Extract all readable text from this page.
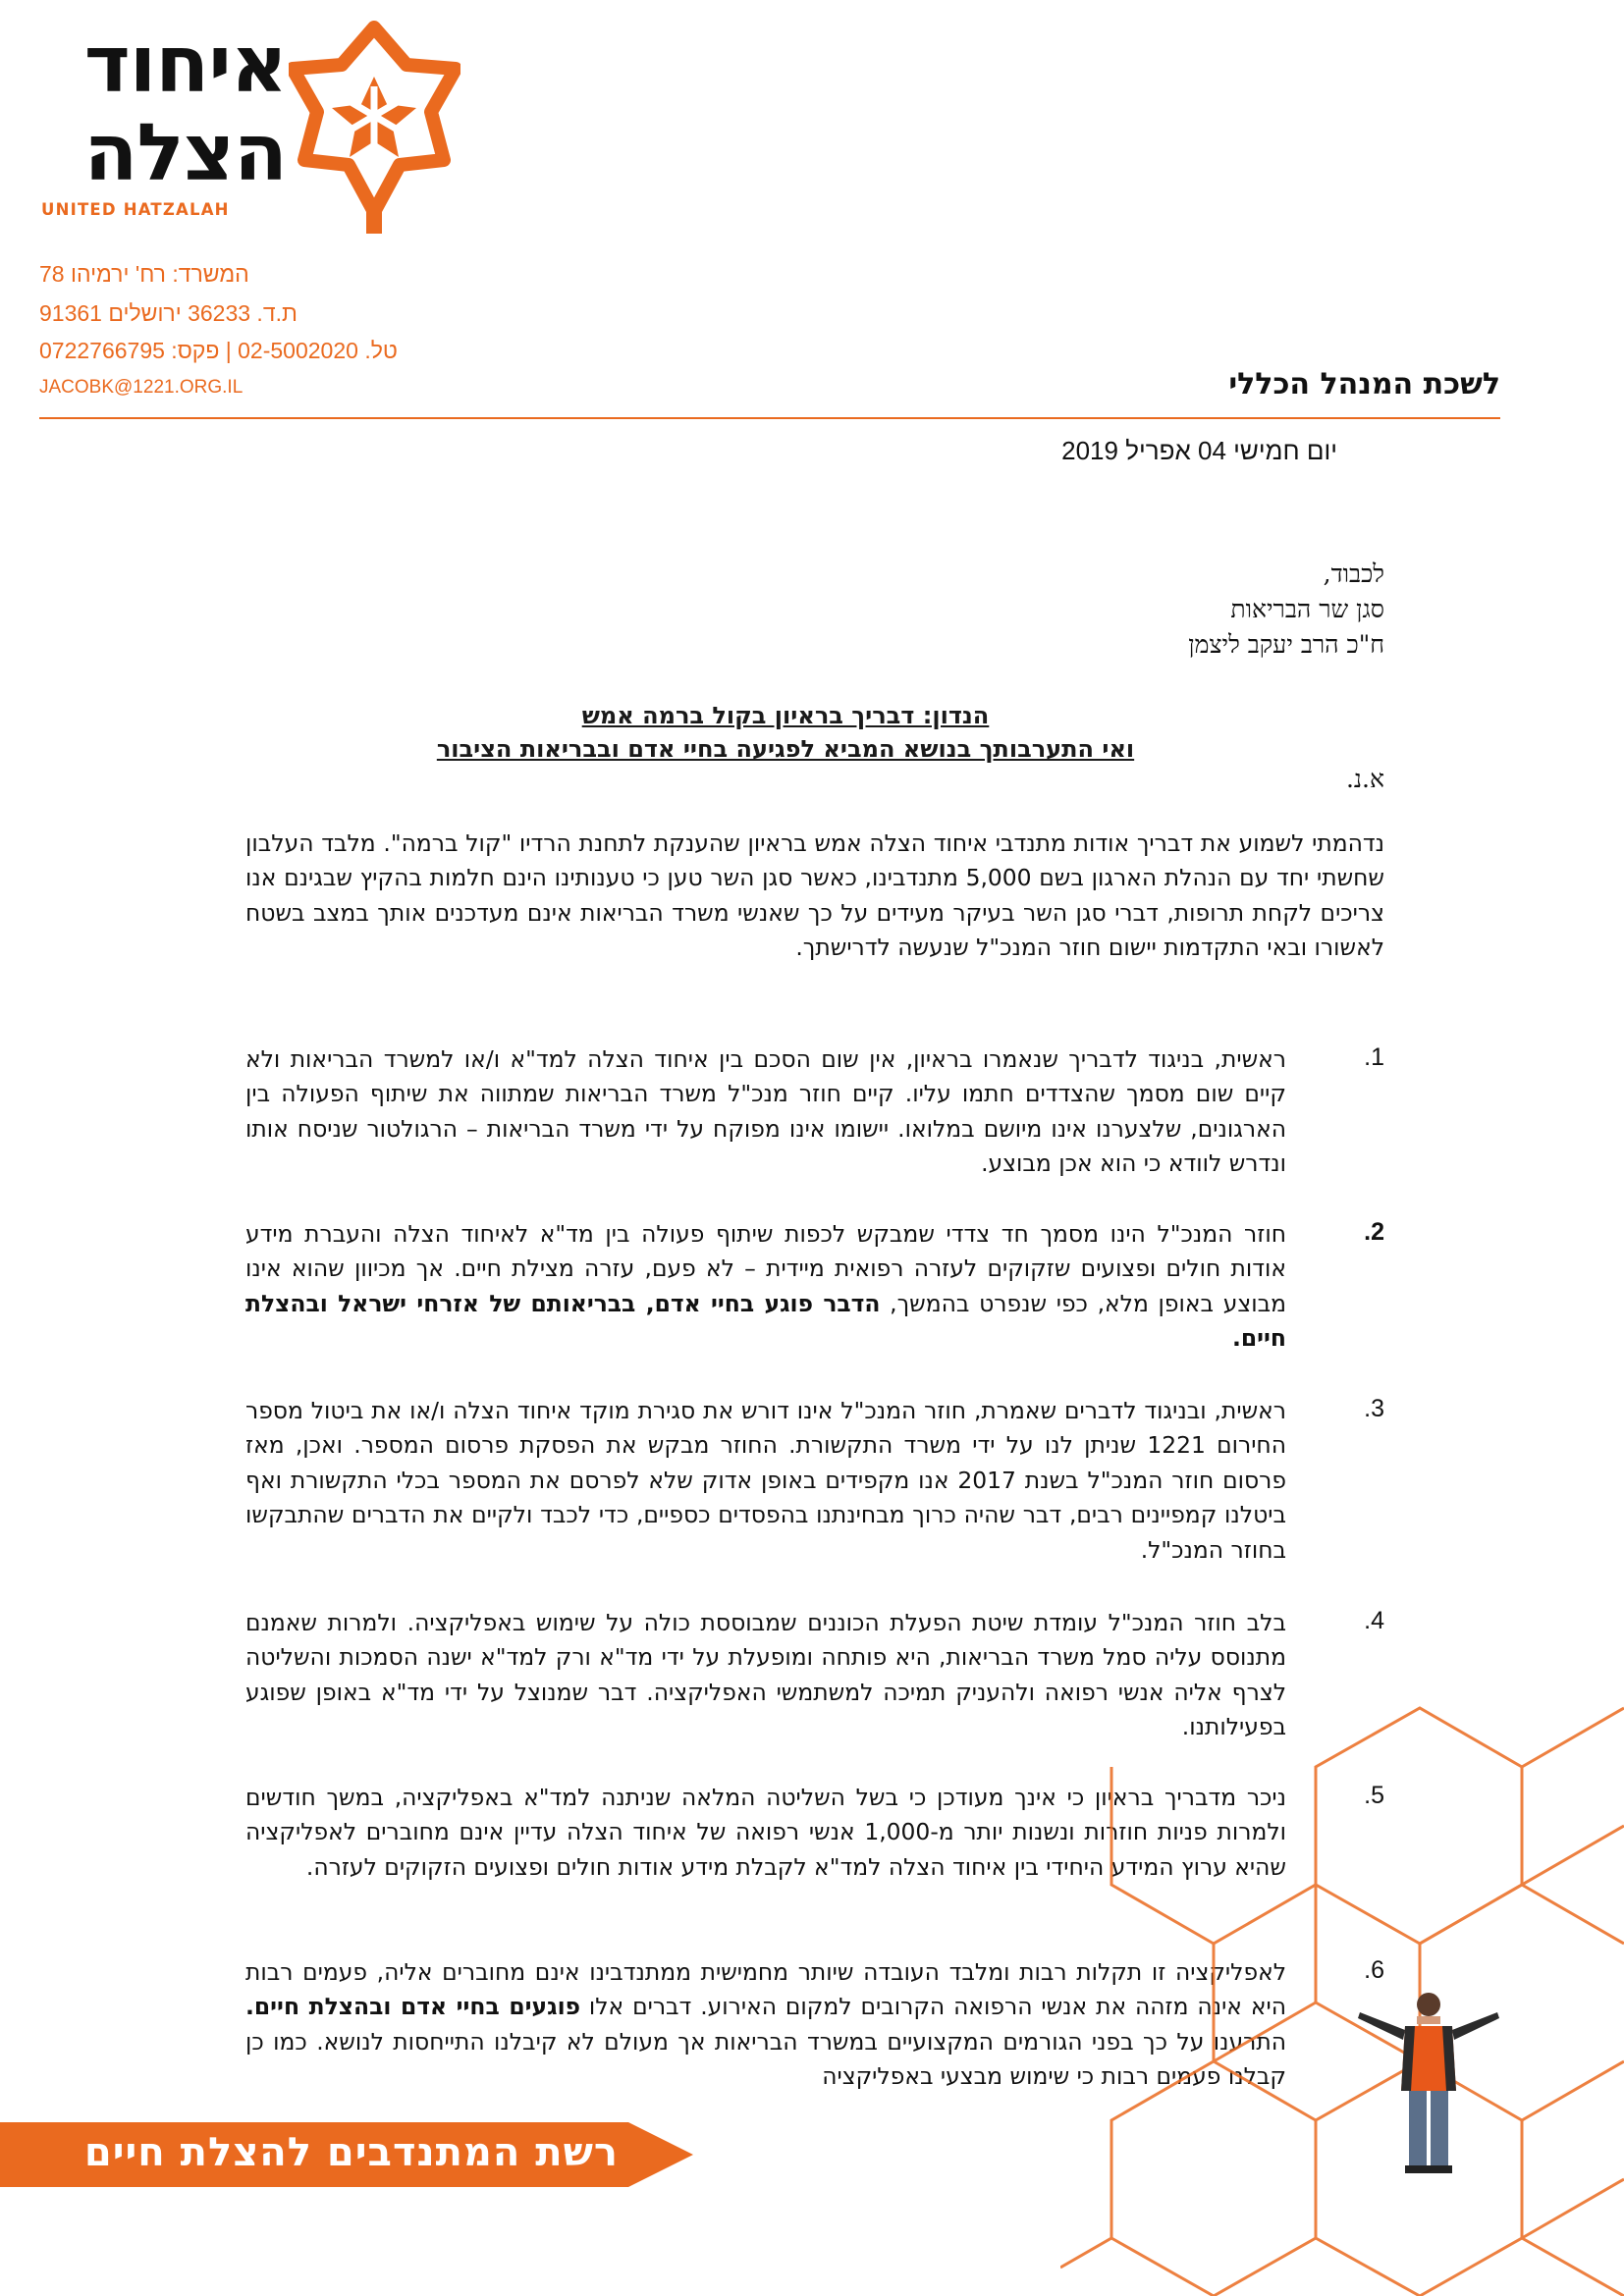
איחוד
הצלה
UNITED HATZALAH
המשרד: רח' ירמיהו 78
ת.ד. 36233 ירושלים 91361
טל. 02-5002020 | פקס: 0722766795
JACOBK@1221.ORG.IL	לשכת המנהל הכללי
יום חמישי 04 אפריל 2019
לכבוד,
סגן שר הבריאות
ח"כ הרב יעקב ליצמן
הנדון: דבריך בראיון בקול ברמה אמש
ואי התערבותך בנושא המביא לפגיעה בחיי אדם ובבריאות הציבור
א.נ.
נדהמתי לשמוע את דבריך אודות מתנדבי איחוד הצלה אמש בראיון שהענקת לתחנת הרדיו "קול ברמה". מלבד העלבון שחשתי יחד עם הנהלת הארגון בשם 5,000 מתנדבינו, כאשר סגן השר טען כי טענותינו הינם חלמות בהקיץ שבגינם אנו צריכים לקחת תרופות, דברי סגן השר בעיקר מעידים על כך שאנשי משרד הבריאות אינם מעדכנים אותך במצב בשטח לאשורו ובאי התקדמות יישום חוזר המנכ"ל שנעשה לדרישתך.
1.
ראשית, בניגוד לדבריך שנאמרו בראיון, אין שום הסכם בין איחוד הצלה למד"א ו/או למשרד הבריאות ולא קיים שום מסמך שהצדדים חתמו עליו. קיים חוזר מנכ"ל משרד הבריאות שמתווה את שיתוף הפעולה בין הארגונים, שלצערנו אינו מיושם במלואו. יישומו אינו מפוקח על ידי משרד הבריאות – הרגולטור שניסח אותו ונדרש לוודא כי הוא אכן מבוצע.
2.
חוזר המנכ"ל הינו מסמך חד צדדי שמבקש לכפות שיתוף פעולה בין מד"א לאיחוד הצלה והעברת מידע אודות חולים ופצועים שזקוקים לעזרה רפואית מיידית – לא פעם, עזרה מצילת חיים. אך מכיוון שהוא אינו מבוצע באופן מלא, כפי שנפרט בהמשך, הדבר פוגע בחיי אדם, בבריאותם של אזרחי ישראל ובהצלת חיים.
3.
ראשית, ובניגוד לדברים שאמרת, חוזר המנכ"ל אינו דורש את סגירת מוקד איחוד הצלה ו/או את ביטול מספר החירום 1221 שניתן לנו על ידי משרד התקשורת. החוזר מבקש את הפסקת פרסום המספר. ואכן, מאז פרסום חוזר המנכ"ל בשנת 2017 אנו מקפידים באופן אדוק שלא לפרסם את המספר בכלי התקשורת ואף ביטלנו קמפיינים רבים, דבר שהיה כרוך מבחינתנו בהפסדים כספיים, כדי לכבד ולקיים את הדברים שהתבקשו בחוזר המנכ"ל.
4.
בלב חוזר המנכ"ל עומדת שיטת הפעלת הכוננים שמבוססת כולה על שימוש באפליקציה. ולמרות שאמנם מתנוסס עליה סמל משרד הבריאות, היא פותחה ומופעלת על ידי מד"א ורק למד"א ישנה הסמכות והשליטה לצרף אליה אנשי רפואה ולהעניק תמיכה למשתמשי האפליקציה. דבר שמנוצל על ידי מד"א באופן שפוגע בפעילותנו.
5.
ניכר מדבריך בראיון כי אינך מעודכן כי בשל השליטה המלאה שניתנה למד"א באפליקציה, במשך חודשים ולמרות פניות חוזרות ונשנות יותר מ-1,000 אנשי רפואה של איחוד הצלה עדיין אינם מחוברים לאפליקציה שהיא ערוץ המידע היחידי בין איחוד הצלה למד"א לקבלת מידע אודות חולים ופצועים הזקוקים לעזרה.
6.
לאפליקציה זו תקלות רבות ומלבד העובדה שיותר מחמישית ממתנדבינו אינם מחוברים אליה, פעמים רבות היא אינה מזהה את אנשי הרפואה הקרובים למקום האירוע. דברים אלו פוגעים בחיי אדם ובהצלת חיים. התרענו על כך בפני הגורמים המקצועיים במשרד הבריאות אך מעולם לא קיבלנו התייחסות לנושא. כמו כן קבלנו פעמים רבות כי שימוש מבצעי באפליקציה
רשת המתנדבים להצלת חיים
